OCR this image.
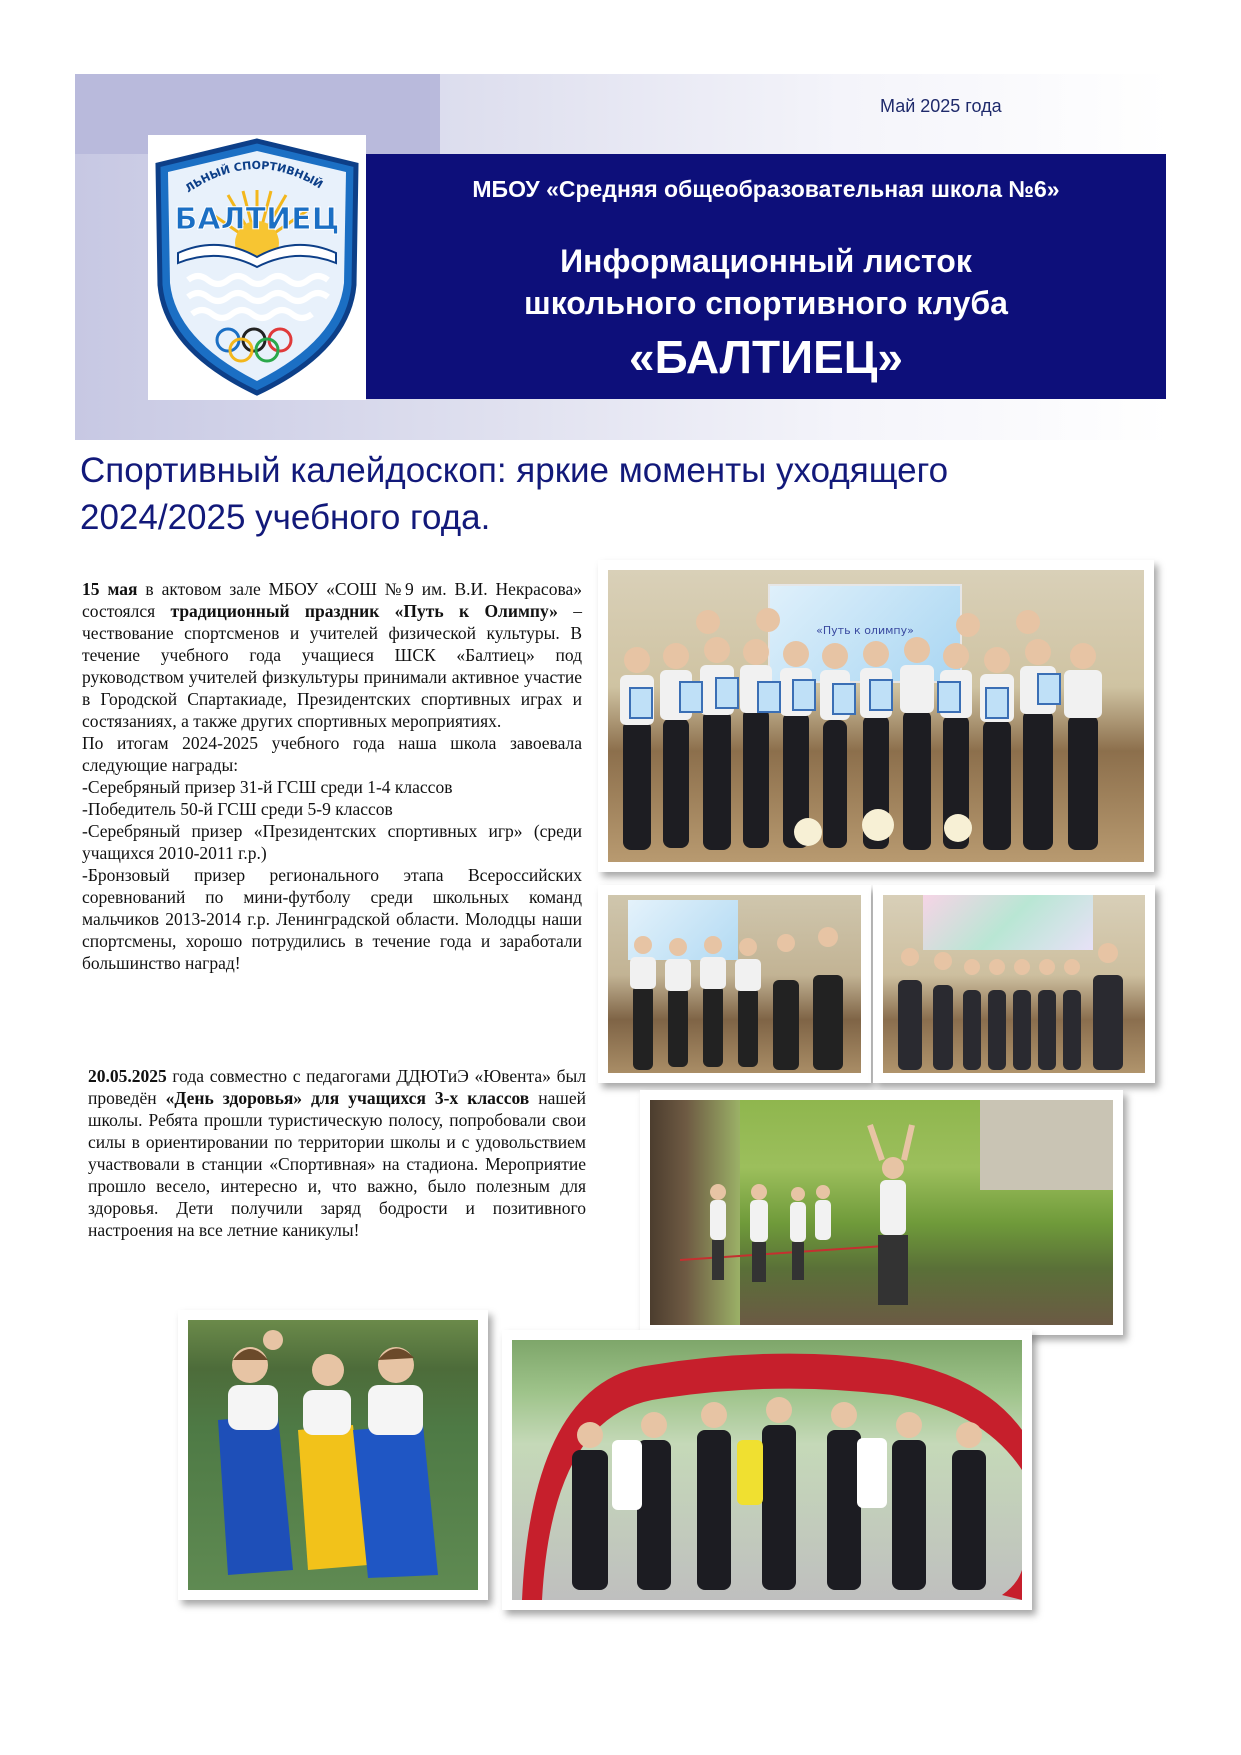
Май 2025 года
ЛЬНЫЙ СПОРТИВНЫЙ
БАЛТИЕЦ
МБОУ «Средняя общеобразовательная школа №6»
Информационный листок
школьного спортивного клуба
«БАЛТИЕЦ»
Спортивный калейдоскоп: яркие моменты уходящего
2024/2025 учебного года.

15 мая в актовом зале МБОУ «СОШ №9 им. В.И. Некрасова» состоялся традиционный праздник «Путь к Олимпу» – чествование спортсменов и учителей физической культуры. В течение учебного года учащиеся ШСК «Балтиец» под руководством учителей физкультуры принимали активное участие в Городской Спартакиаде, Президентских спортивных играх и состязаниях, а также других спортивных мероприятиях.

По итогам 2024-2025 учебного года наша школа завоевала следующие награды:

-Серебряный призер 31-й ГСШ среди 1-4 классов

-Победитель 50-й ГСШ среди 5-9 классов

-Серебряный призер «Президентских спортивных игр» (среди учащихся 2010-2011 г.р.)

-Бронзовый призер регионального этапа Всероссийских соревнований по мини-футболу среди школьных команд мальчиков 2013-2014 г.р. Ленинградской области. Молодцы наши спортсмены, хорошо потрудились в течение года и заработали большинство наград!

20.05.2025 года совместно с педагогами ДДЮТиЭ «Ювента» был проведён «День здоровья» для учащихся 3-х классов нашей школы. Ребята прошли туристическую полосу, попробовали свои силы в ориентировании по территории школы и с удовольствием участвовали в станции «Спортивная» на стадиона. Мероприятие прошло весело, интересно и, что важно, было полезным для здоровья. Дети получили заряд бодрости и позитивного настроения на все летние каникулы!

«Путь к олимпу»
